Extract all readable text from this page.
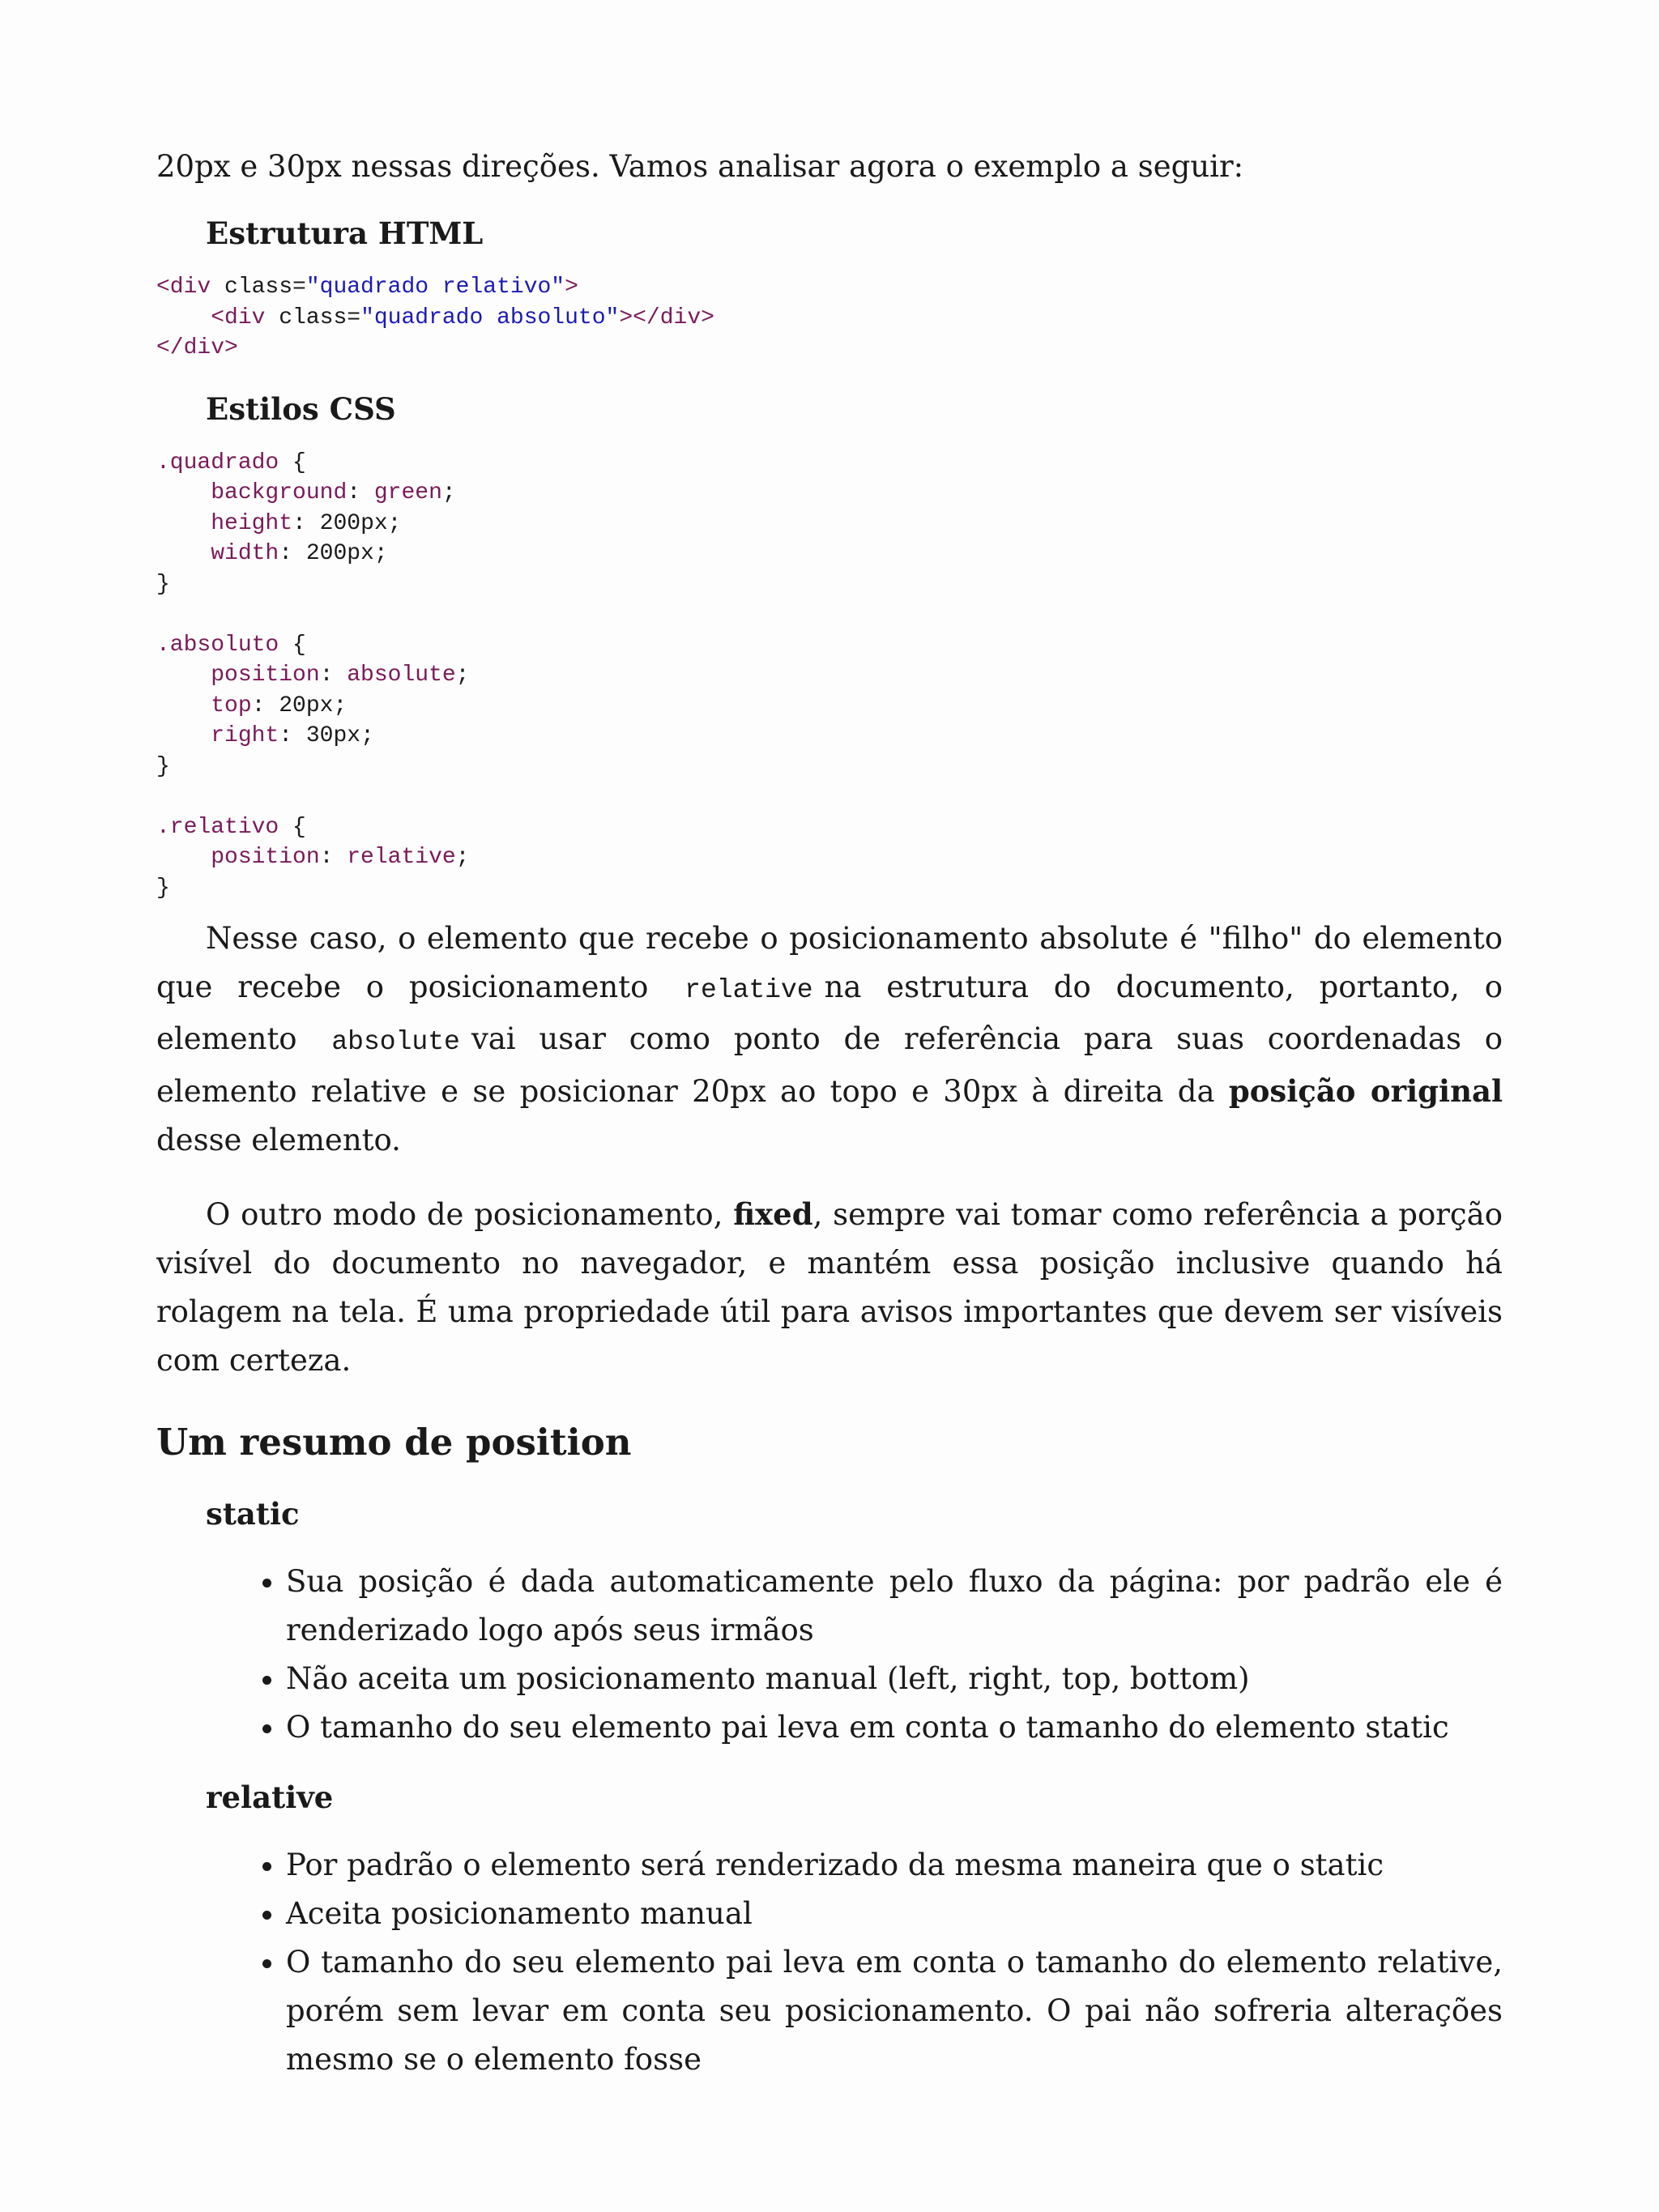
20px e 30px nessas direções. Vamos analisar agora o exemplo a seguir:

Estrutura HTML

<div class="quadrado relativo">
<div class="quadrado absoluto"></div>
</div>

Estilos CSS

.quadrado {
background: green;
height: 200px;
width: 200px;
}

.absoluto {
position: absolute;
top: 20px;
right: 30px;
}

.relativo {
position: relative;
}

Nesse caso, o elemento que recebe o posicionamento absolute é "filho" do elemento que recebe o posicionamento relative na estrutura do documento, portanto, o elemento absolute vai usar como ponto de referência para suas coordenadas o elemento relative e se posicionar 20px ao topo e 30px à direita da posição original desse elemento.

O outro modo de posicionamento, fixed, sempre vai tomar como referência a porção visível do documento no navegador, e mantém essa posição inclusive quando há rolagem na tela. É uma propriedade útil para avisos importantes que devem ser visíveis com certeza.

Um resumo de position

static

• Sua posição é dada automaticamente pelo fluxo da página: por padrão ele é renderizado logo após seus irmãos
• Não aceita um posicionamento manual (left, right, top, bottom)
• O tamanho do seu elemento pai leva em conta o tamanho do elemento static

relative

• Por padrão o elemento será renderizado da mesma maneira que o static
• Aceita posicionamento manual
• O tamanho do seu elemento pai leva em conta o tamanho do elemento relative, porém sem levar em conta seu posicionamento. O pai não sofreria alterações mesmo se o elemento fosse
